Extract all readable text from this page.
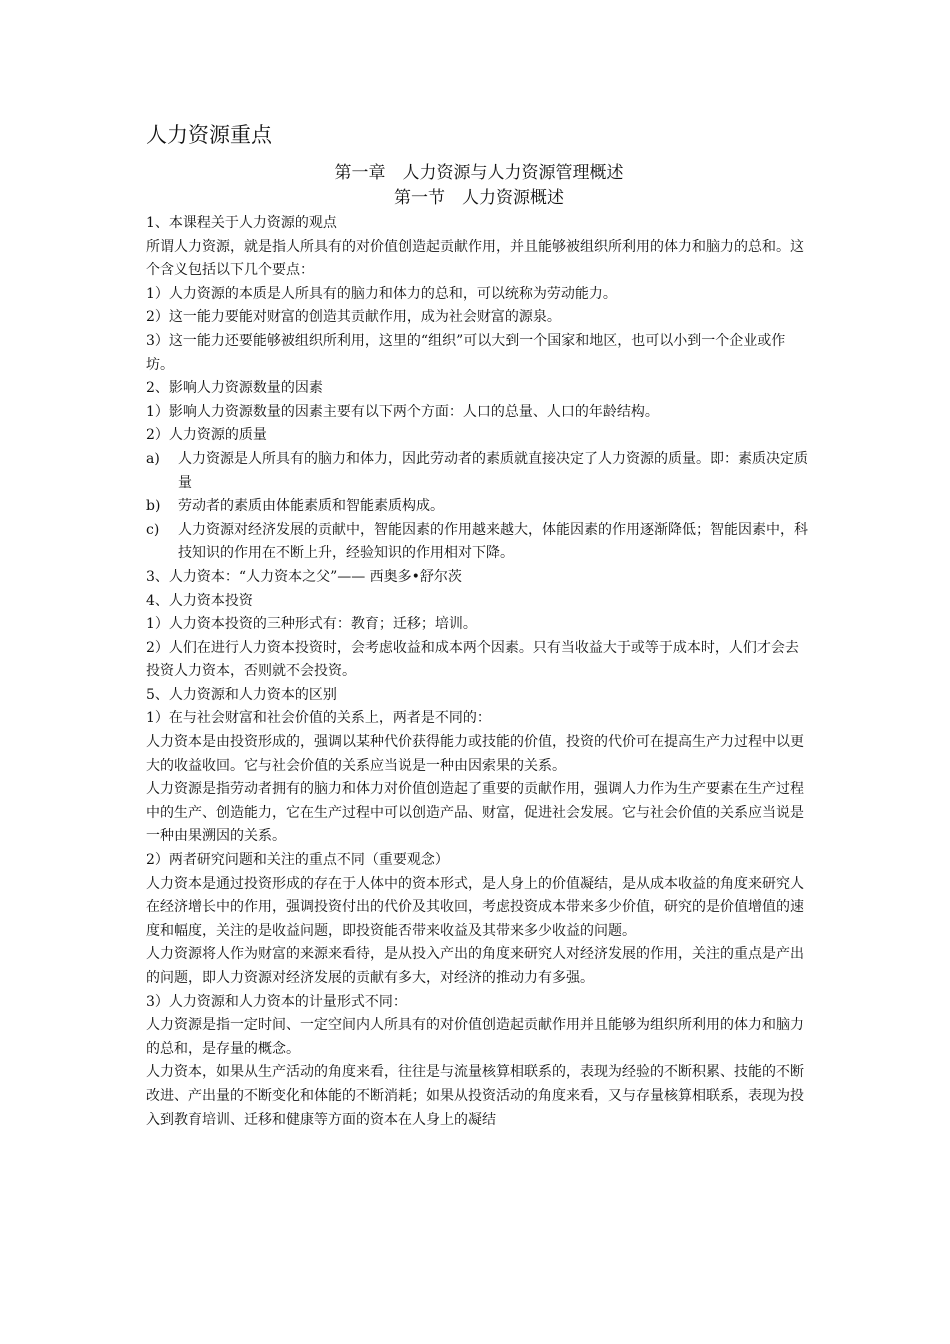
人力资源重点
第一章　人力资源与人力资源管理概述
第一节　人力资源概述

1、本课程关于人力资源的观点

所谓人力资源，就是指人所具有的对价值创造起贡献作用，并且能够被组织所利用的体力和脑力的总和。这个含义包括以下几个要点：

1）人力资源的本质是人所具有的脑力和体力的总和，可以统称为劳动能力。

2）这一能力要能对财富的创造其贡献作用，成为社会财富的源泉。

3）这一能力还要能够被组织所利用，这里的“组织”可以大到一个国家和地区，也可以小到一个企业或作坊。

2、影响人力资源数量的因素

1）影响人力资源数量的因素主要有以下两个方面：人口的总量、人口的年龄结构。

2）人力资源的质量

a) 人力资源是人所具有的脑力和体力，因此劳动者的素质就直接决定了人力资源的质量。即：素质决定质量
b) 劳动者的素质由体能素质和智能素质构成。
c) 人力资源对经济发展的贡献中，智能因素的作用越来越大，体能因素的作用逐渐降低；智能因素中，科技知识的作用在不断上升，经验知识的作用相对下降。

3、人力资本：“人力资本之父”—— 西奥多•舒尔茨

4、人力资本投资

1）人力资本投资的三种形式有：教育；迁移；培训。

2）人们在进行人力资本投资时，会考虑收益和成本两个因素。只有当收益大于或等于成本时，人们才会去投资人力资本，否则就不会投资。

5、人力资源和人力资本的区别

1）在与社会财富和社会价值的关系上，两者是不同的：

人力资本是由投资形成的，强调以某种代价获得能力或技能的价值，投资的代价可在提高生产力过程中以更大的收益收回。它与社会价值的关系应当说是一种由因索果的关系。

人力资源是指劳动者拥有的脑力和体力对价值创造起了重要的贡献作用，强调人力作为生产要素在生产过程中的生产、创造能力，它在生产过程中可以创造产品、财富，促进社会发展。它与社会价值的关系应当说是一种由果溯因的关系。

2）两者研究问题和关注的重点不同（重要观念）

人力资本是通过投资形成的存在于人体中的资本形式，是人身上的价值凝结，是从成本收益的角度来研究人在经济增长中的作用，强调投资付出的代价及其收回，考虑投资成本带来多少价值，研究的是价值增值的速度和幅度，关注的是收益问题，即投资能否带来收益及其带来多少收益的问题。

人力资源将人作为财富的来源来看待，是从投入产出的角度来研究人对经济发展的作用，关注的重点是产出的问题，即人力资源对经济发展的贡献有多大，对经济的推动力有多强。

3）人力资源和人力资本的计量形式不同：

人力资源是指一定时间、一定空间内人所具有的对价值创造起贡献作用并且能够为组织所利用的体力和脑力的总和，是存量的概念。

人力资本，如果从生产活动的角度来看，往往是与流量核算相联系的，表现为经验的不断积累、技能的不断改进、产出量的不断变化和体能的不断消耗；如果从投资活动的角度来看，又与存量核算相联系，表现为投入到教育培训、迁移和健康等方面的资本在人身上的凝结
